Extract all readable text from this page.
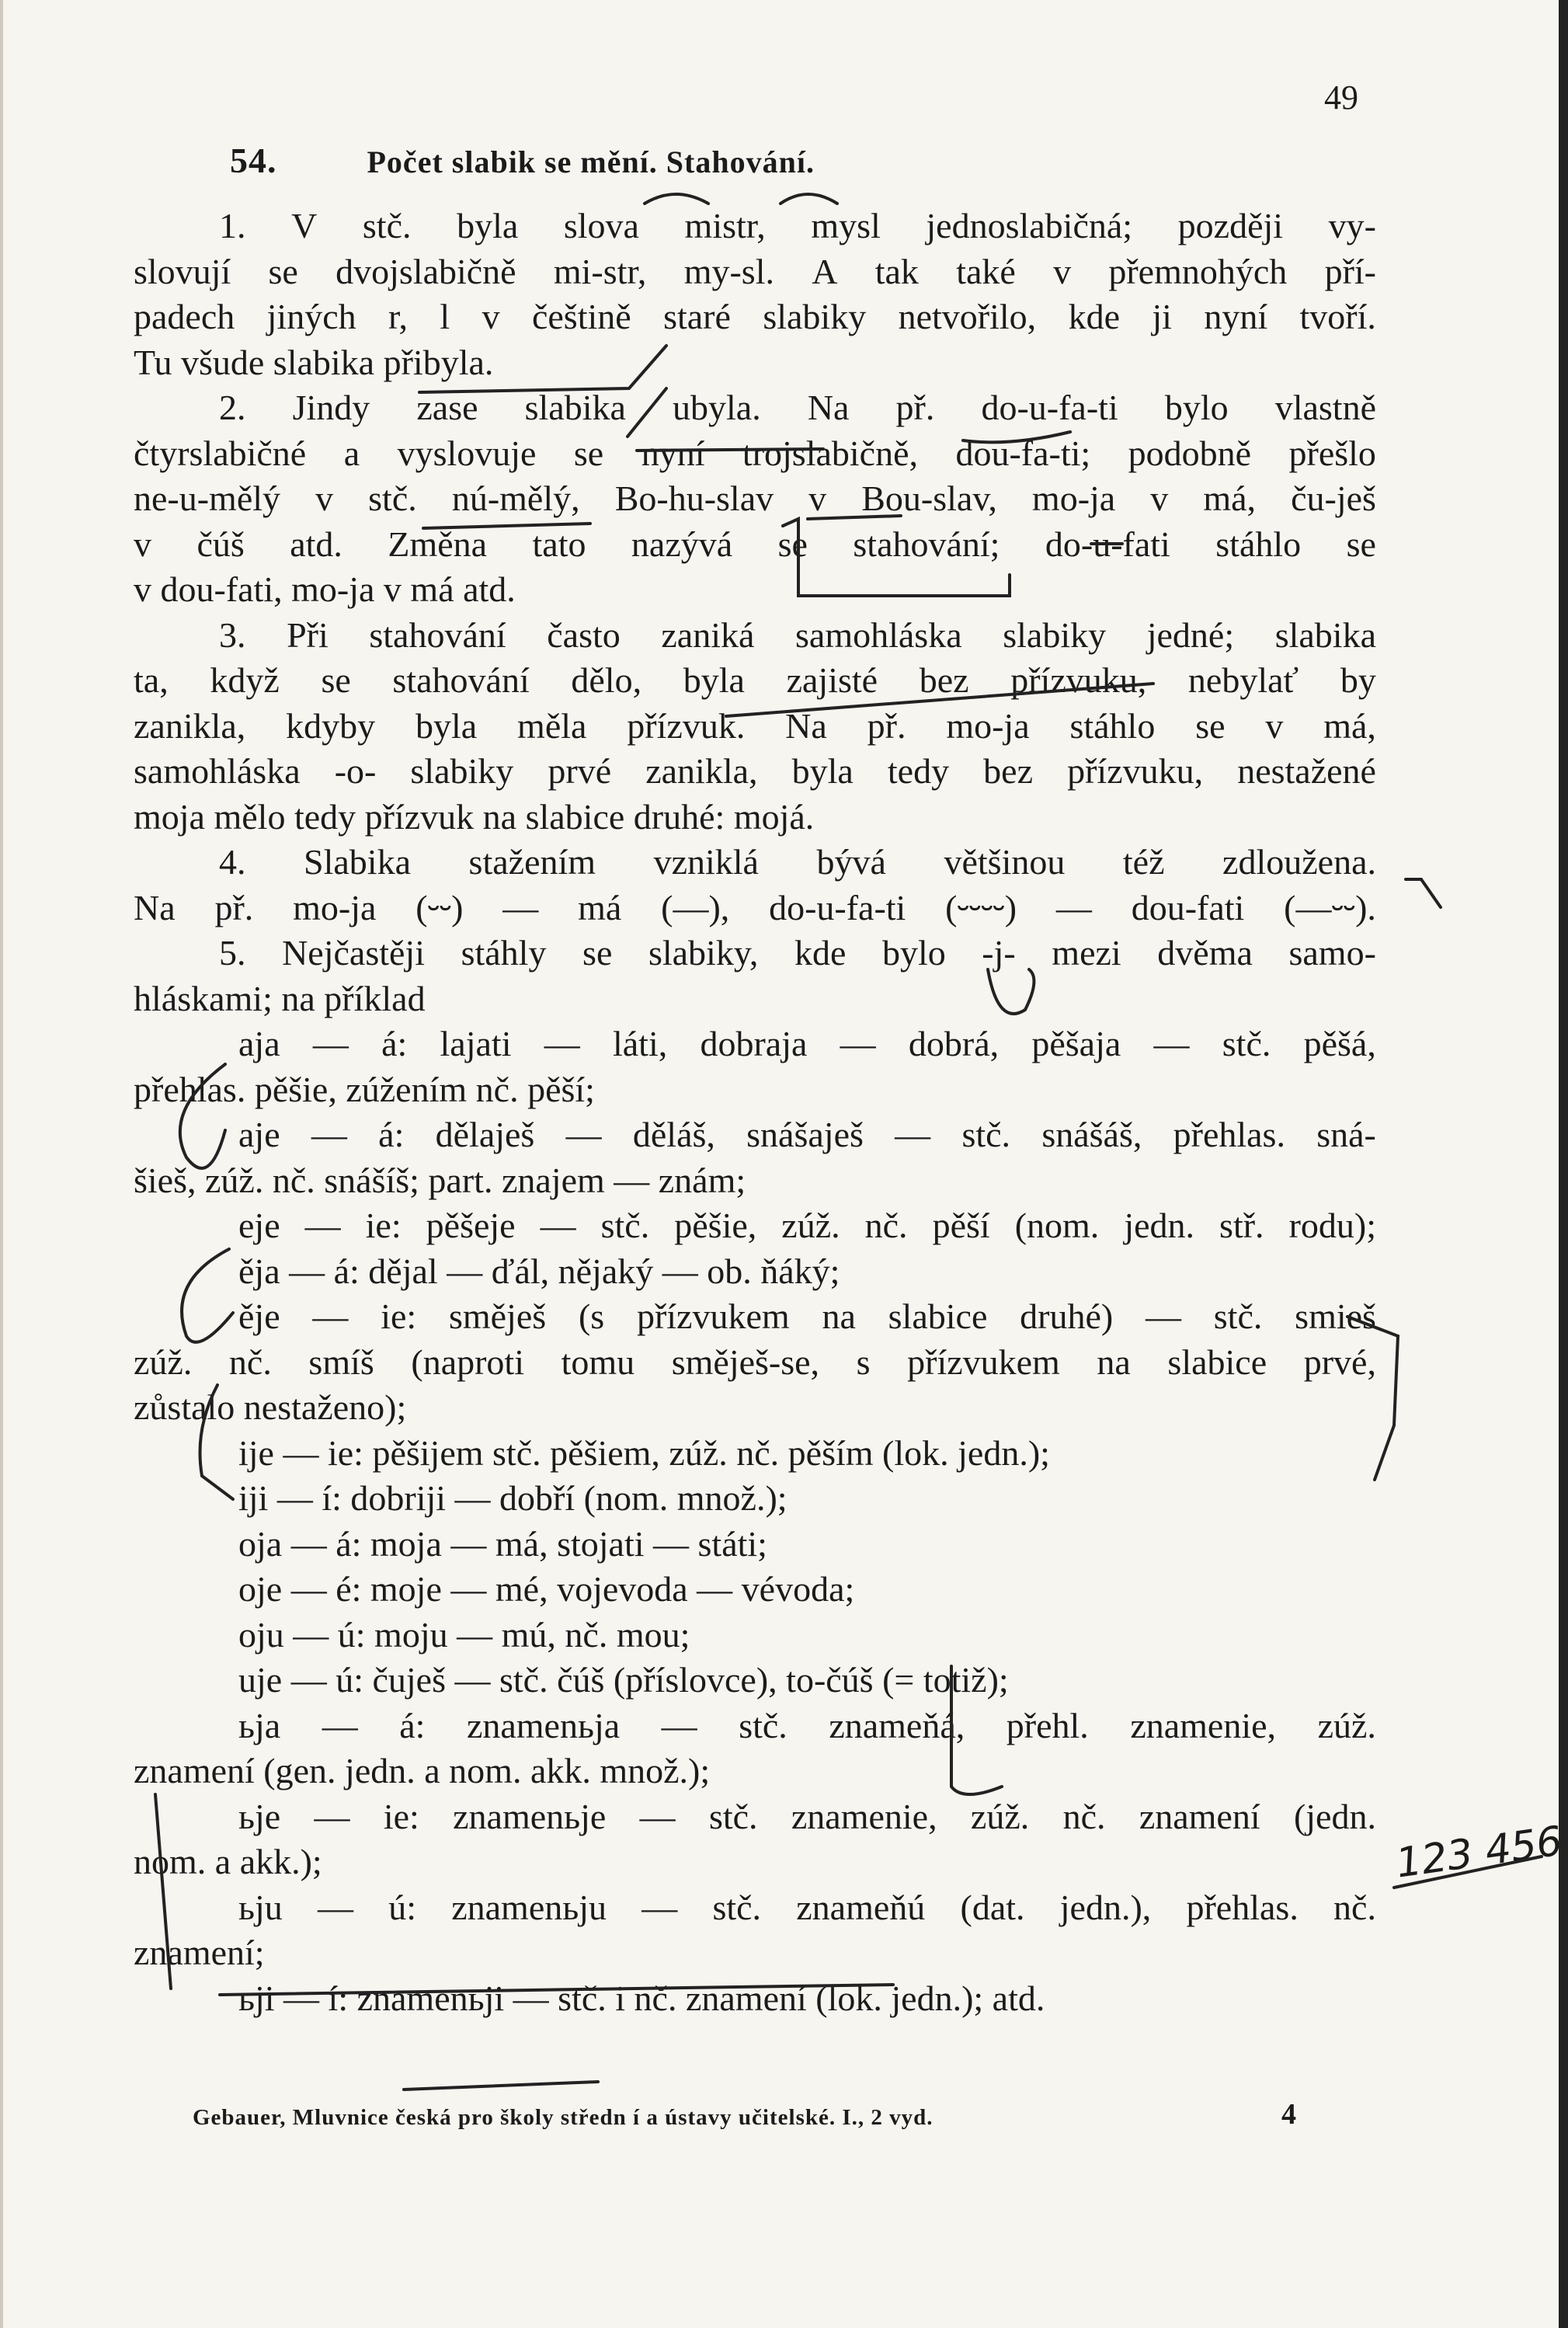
49
54.	Počet slabik se mění. Stahování.
1. V stč. byla slova mistr, mysl jednoslabičná; později vy-
slovují se dvojslabičně mi-str, my-sl. A tak také v přemnohých pří-
padech jiných r, l v češtině staré slabiky netvořilo, kde ji nyní tvoří.
Tu všude slabika přibyla.
2. Jindy zase slabika ubyla. Na př. do-u-fa-ti bylo vlastně
čtyrslabičné a vyslovuje se nyní trojslabičně, dou-fa-ti; podobně přešlo
ne-u-mělý v stč. nú-mělý, Bo-hu-slav v Bou-slav, mo-ja v má, ču-ješ
v čúš atd. Změna tato nazývá se stahování; do-u-fati stáhlo se
v dou-fati, mo-ja v má atd.
3. Při stahování často zaniká samohláska slabiky jedné; slabika
ta, když se stahování dělo, byla zajisté bez přízvuku, nebylať by
zanikla, kdyby byla měla přízvuk. Na př. mo-ja stáhlo se v má,
samohláska -o- slabiky prvé zanikla, byla tedy bez přízvuku, nestažené
moja mělo tedy přízvuk na slabice druhé: mojá.
4. Slabika stažením vzniklá bývá většinou též zdloužena.
Na př. mo-ja (⏑⏑) — má (—), do-u-fa-ti (⏑⏑⏑⏑) — dou-fati (—⏑⏑).
5. Nejčastěji stáhly se slabiky, kde bylo -j- mezi dvěma samo-
hláskami; na příklad
aja — á: lajati — láti, dobraja — dobrá, pěšaja — stč. pěšá,
přehlas. pěšie, zúžením nč. pěší;
aje — á: dělaješ — děláš, snášaješ — stč. snášáš, přehlas. sná-
šieš, zúž. nč. snášíš; part. znajem — znám;
eje — ie: pěšeje — stč. pěšie, zúž. nč. pěší (nom. jedn. stř. rodu);
ěja — á: dějal — ďál, nějaký — ob. ňáký;
ěje — ie: směješ (s přízvukem na slabice druhé) — stč. smieš
zúž. nč. smíš (naproti tomu směješ-se, s přízvukem na slabice prvé,
zůstalo nestaženo);
ije — ie: pěšijem stč. pěšiem, zúž. nč. pěším (lok. jedn.);
iji — í: dobriji — dobří (nom. množ.);
oja — á: moja — má, stojati — státi;
oje — é: moje — mé, vojevoda — vévoda;
oju — ú: moju — mú, nč. mou;
uje — ú: čuješ — stč. čúš (příslovce), to-čúš (= totiž);
ьja — á: znamenьja — stč. znameňá, přehl. znamenie, zúž.
znamení (gen. jedn. a nom. akk. množ.);
ьje — ie: znamenьje — stč. znamenie, zúž. nč. znamení (jedn.
nom. a akk.);
ьju — ú: znamenьju — stč. znameňú (dat. jedn.), přehlas. nč.
znamení;
ьji — í: znamenьji — stč. i nč. znamení (lok. jedn.); atd.
Gebauer, Mluvnice česká pro školy středn í a ústavy učitelské. I., 2 vyd.	4
123 456
